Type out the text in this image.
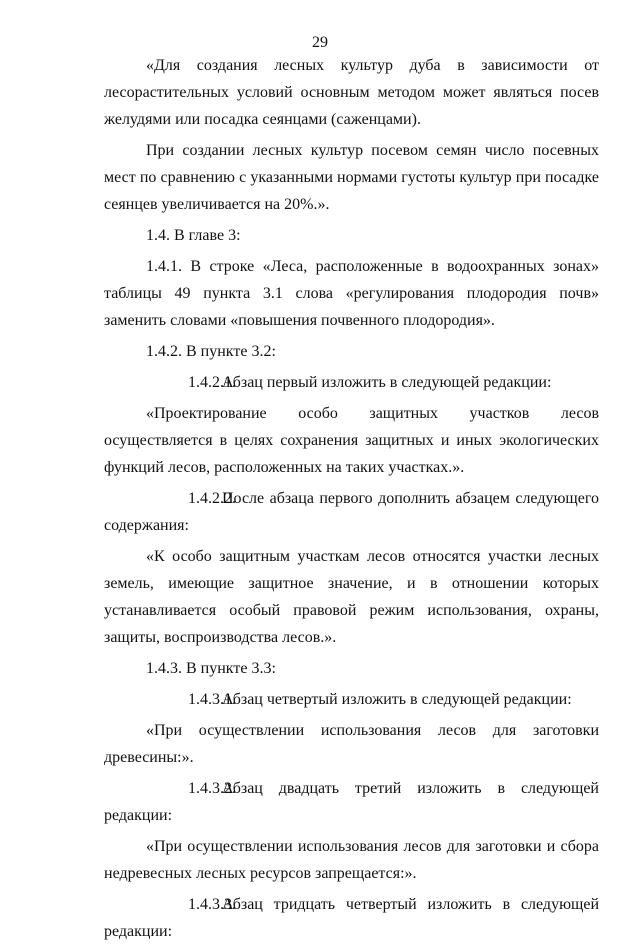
29

«Для создания лесных культур дуба в зависимости от лесорастительных условий основным методом может являться посев желудями или посадка сеянцами (саженцами).

При создании лесных культур посевом семян число посевных мест по сравнению с указанными нормами густоты культур при посадке сеянцев увеличивается на 20%.».

1.4. В главе 3:

1.4.1. В строке «Леса, расположенные в водоохранных зонах» таблицы 49 пункта 3.1 слова «регулирования плодородия почв» заменить словами «повышения почвенного плодородия».

1.4.2. В пункте 3.2:

1.4.2.1.Абзац первый изложить в следующей редакции:

«Проектирование особо защитных участков лесов осуществляется в целях сохранения защитных и иных экологических функций лесов, расположенных на таких участках.».

1.4.2.2.После абзаца первого дополнить абзацем следующего содержания:

«К особо защитным участкам лесов относятся участки лесных земель, имеющие защитное значение, и в отношении которых устанавливается особый правовой режим использования, охраны, защиты, воспроизводства лесов.».

1.4.3. В пункте 3.3:

1.4.3.1.Абзац четвертый изложить в следующей редакции:

«При осуществлении использования лесов для заготовки древесины:».

1.4.3.2.Абзац двадцать третий изложить в следующей редакции:

«При осуществлении использования лесов для заготовки и сбора недревесных лесных ресурсов запрещается:».

1.4.3.3.Абзац тридцать четвертый изложить в следующей редакции:
